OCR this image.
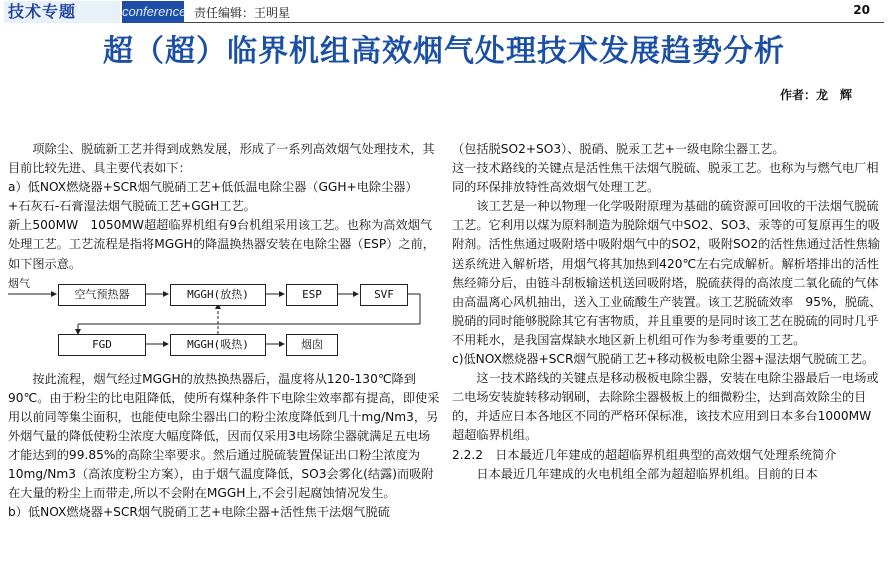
技术专题	conference 责任编辑：王明星	20
超（超）临界机组高效烟气处理技术发展趋势分析
作者：龙　辉

项除尘、脱硫新工艺并得到成熟发展，形成了一系列高效烟气处理技术，其目前比较先进、具主要代表如下：

a）低NOX燃烧器+SCR烟气脱硝工艺+低低温电除尘器（GGH+电除尘器）+石灰石-石膏湿法烟气脱硫工艺+GGH工艺。

新上500MW　1050MW超超临界机组有9台机组采用该工艺。也称为高效烟气处理工艺。工艺流程是指将MGGH的降温换热器安装在电除尘器（ESP）之前，如下图示意。

烟气
空气预热器	MGGH(放热)	ESP	SVF
FGD	MGGH(吸热)	烟囱

按此流程，烟气经过MGGH的放热换热器后，温度将从120-130℃降到90℃。由于粉尘的比电阻降低，使所有煤种条件下电除尘效率都有提高，即使采用以前同等集尘面积，也能使电除尘器出口的粉尘浓度降低到几十mg/Nm3，另外烟气量的降低使粉尘浓度大幅度降低，因而仅采用3电场除尘器就满足五电场才能达到的99.85%的高除尘率要求。然后通过脱硫装置保证出口粉尘浓度为10mg/Nm3（高浓度粉尘方案），由于烟气温度降低，SO3会雾化(结露)而吸附在大量的粉尘上而带走,所以不会附在MGGH上,不会引起腐蚀情况发生。

b）低NOX燃烧器+SCR烟气脱硝工艺+电除尘器+活性焦干法烟气脱硫

（包括脱SO2+SO3）、脱硝、脱汞工艺+一级电除尘器工艺。

这一技术路线的关键点是活性焦干法烟气脱硫、脱汞工艺。也称为与燃气电厂相同的环保排放特性高效烟气处理工艺。

该工艺是一种以物理一化学吸附原理为基础的硫资源可回收的干法烟气脱硫工艺。它利用以煤为原料制造为脱除烟气中SO2、SO3、汞等的可复原再生的吸附剂。活性焦通过吸附塔中吸附烟气中的SO2，吸附SO2的活性焦通过活性焦输送系统进入解析塔，用烟气将其加热到420℃左右完成解析。解析塔排出的活性焦经筛分后，由链斗刮板输送机送回吸附塔，脱硫获得的高浓度二氧化硫的气体由高温离心风机抽出，送入工业硫酸生产装置。该工艺脱硫效率　95%，脱硫、脱硝的同时能够脱除其它有害物质，并且重要的是同时该工艺在脱硫的同时几乎不用耗水，是我国富煤缺水地区新上机组可作为参考重要的工艺。

c)低NOX燃烧器+SCR烟气脱硝工艺+移动极板电除尘器+湿法烟气脱硫工艺。

这一技术路线的关键点是移动极板电除尘器，安装在电除尘器最后一电场或二电场安装旋转移动钢刷，去除除尘器极板上的细微粉尘，达到高效除尘的目的，并适应日本各地区不同的严格环保标准，该技术应用到日本多台1000MW超超临界机组。

2.2.2　日本最近几年建成的超超临界机组典型的高效烟气处理系统简介

日本最近几年建成的火电机组全部为超超临界机组。目前的日本
